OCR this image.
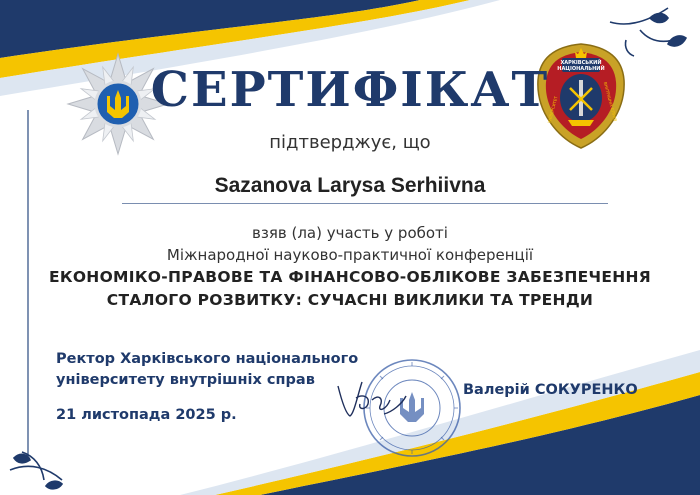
ХАРКІВСЬКИЙ
НАЦІОНАЛЬНИЙ
УНІВЕРСИТЕТ	ВНУТРІШНІХ СПРАВ
СЕРТИФІКАТ
підтверджує, що
Sazanova Larysa Serhiivna
взяв (ла) участь у роботі
Міжнародної науково-практичної конференції
ЕКОНОМІКО-ПРАВОВЕ ТА ФІНАНСОВО-ОБЛІКОВЕ ЗАБЕЗПЕЧЕННЯ
СТАЛОГО РОЗВИТКУ: СУЧАСНІ ВИКЛИКИ ТА ТРЕНДИ
Ректор Харківського національного
університету внутрішніх справ
21 листопада 2025 р.
Валерій СОКУРЕНКО
